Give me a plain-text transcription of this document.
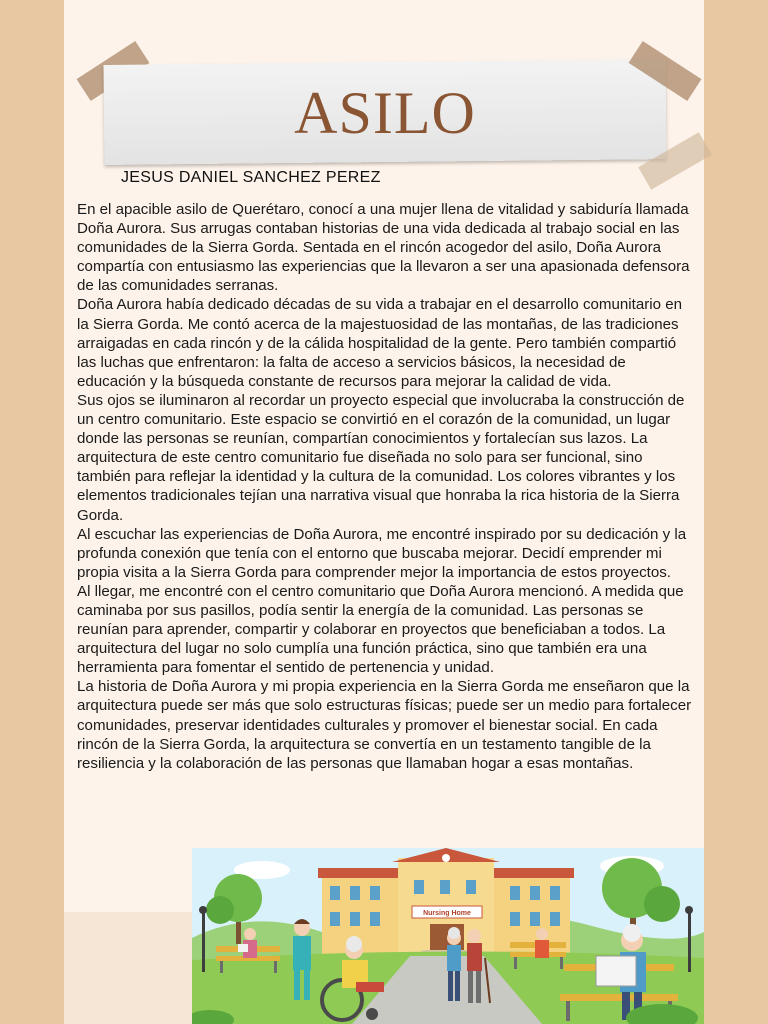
ASILO
JESUS DANIEL SANCHEZ PEREZ

En el apacible asilo de Querétaro, conocí a una mujer llena de vitalidad y sabiduría llamada Doña Aurora. Sus arrugas contaban historias de una vida dedicada al trabajo social en las comunidades de la Sierra Gorda. Sentada en el rincón acogedor del asilo, Doña Aurora compartía con entusiasmo las experiencias que la llevaron a ser una apasionada defensora de las comunidades serranas.

Doña Aurora había dedicado décadas de su vida a trabajar en el desarrollo comunitario en la Sierra Gorda. Me contó acerca de la majestuosidad de las montañas, de las tradiciones arraigadas en cada rincón y de la cálida hospitalidad de la gente. Pero también compartió las luchas que enfrentaron: la falta de acceso a servicios básicos, la necesidad de educación y la búsqueda constante de recursos para mejorar la calidad de vida.

Sus ojos se iluminaron al recordar un proyecto especial que involucraba la construcción de un centro comunitario. Este espacio se convirtió en el corazón de la comunidad, un lugar donde las personas se reunían, compartían conocimientos y fortalecían sus lazos. La arquitectura de este centro comunitario fue diseñada no solo para ser funcional, sino también para reflejar la identidad y la cultura de la comunidad. Los colores vibrantes y los elementos tradicionales tejían una narrativa visual que honraba la rica historia de la Sierra Gorda.

Al escuchar las experiencias de Doña Aurora, me encontré inspirado por su dedicación y la profunda conexión que tenía con el entorno que buscaba mejorar. Decidí emprender mi propia visita a la Sierra Gorda para comprender mejor la importancia de estos proyectos.

Al llegar, me encontré con el centro comunitario que Doña Aurora mencionó. A medida que caminaba por sus pasillos, podía sentir la energía de la comunidad. Las personas se reunían para aprender, compartir y colaborar en proyectos que beneficiaban a todos. La arquitectura del lugar no solo cumplía una función práctica, sino que también era una herramienta para fomentar el sentido de pertenencia y unidad.

La historia de Doña Aurora y mi propia experiencia en la Sierra Gorda me enseñaron que la arquitectura puede ser más que solo estructuras físicas; puede ser un medio para fortalecer comunidades, preservar identidades culturales y promover el bienestar social. En cada rincón de la Sierra Gorda, la arquitectura se convertía en un testamento tangible de la resiliencia y la colaboración de las personas que llamaban hogar a esas montañas.

Nursing Home
